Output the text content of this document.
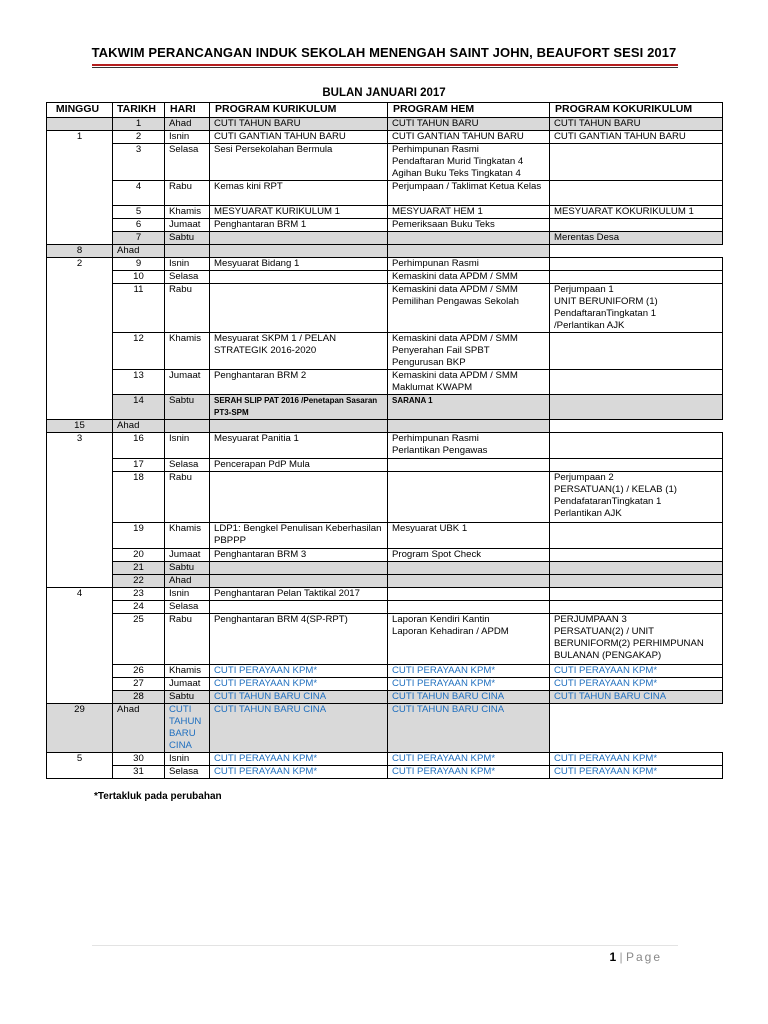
TAKWIM PERANCANGAN INDUK SEKOLAH MENENGAH SAINT JOHN, BEAUFORT SESI 2017
BULAN JANUARI 2017
MINGGU	TARIKH	HARI	PROGRAM KURIKULUM	PROGRAM HEM	PROGRAM KOKURIKULUM
	1	Ahad	CUTI TAHUN BARU	CUTI TAHUN BARU	CUTI TAHUN BARU
1	2	Isnin	CUTI GANTIAN TAHUN BARU	CUTI GANTIAN TAHUN BARU	CUTI GANTIAN TAHUN BARU
	3	Selasa	Sesi Persekolahan Bermula	Perhimpunan Rasmi
Pendaftaran Murid Tingkatan 4
Agihan Buku Teks Tingkatan 4	
	4	Rabu	Kemas kini RPT	Perjumpaan / Taklimat Ketua Kelas	
	5	Khamis	MESYUARAT KURIKULUM 1	MESYUARAT HEM 1	MESYUARAT KOKURIKULUM 1
	6	Jumaat	Penghantaran BRM 1	Pemeriksaan Buku Teks	
	7	Sabtu			Merentas Desa
8	Ahad				
2	9	Isnin	Mesyuarat Bidang 1	Perhimpunan Rasmi	
	10	Selasa		Kemaskini data APDM / SMM	
	11	Rabu		Kemaskini data APDM / SMM
Pemilihan Pengawas Sekolah	Perjumpaan 1
UNIT BERUNIFORM (1)
PendaftaranTingkatan 1
/Perlantikan AJK
	12	Khamis	Mesyuarat SKPM 1 / PELAN STRATEGIK 2016-2020	Kemaskini data APDM / SMM
Penyerahan Fail SPBT
Pengurusan BKP	
	13	Jumaat	Penghantaran BRM 2	Kemaskini data APDM / SMM
Maklumat KWAPM	
	14	Sabtu	SERAH SLIP PAT 2016 /Penetapan Sasaran PT3-SPM	SARANA 1	
15	Ahad				
3	16	Isnin	Mesyuarat Panitia 1	Perhimpunan Rasmi
Perlantikan Pengawas	
	17	Selasa	Pencerapan PdP Mula		
	18	Rabu			Perjumpaan 2
PERSATUAN(1) / KELAB (1)
PendafataranTingkatan 1
Perlantikan AJK
	19	Khamis	LDP1: Bengkel Penulisan Keberhasilan PBPPP	Mesyuarat UBK 1	
	20	Jumaat	Penghantaran BRM 3	Program Spot Check	
	21	Sabtu			
	22	Ahad			
4	23	Isnin	Penghantaran Pelan Taktikal 2017		
	24	Selasa			
	25	Rabu	Penghantaran BRM 4(SP-RPT)	Laporan Kendiri Kantin
Laporan Kehadiran / APDM	PERJUMPAAN 3
PERSATUAN(2) / UNIT BERUNIFORM(2) PERHIMPUNAN BULANAN (PENGAKAP)
	26	Khamis	CUTI PERAYAAN KPM*	CUTI PERAYAAN KPM*	CUTI PERAYAAN KPM*
	27	Jumaat	CUTI PERAYAAN KPM*	CUTI PERAYAAN KPM*	CUTI PERAYAAN KPM*
	28	Sabtu	CUTI TAHUN BARU CINA	CUTI TAHUN BARU CINA	CUTI TAHUN BARU CINA
29	Ahad	CUTI TAHUN BARU CINA	CUTI TAHUN BARU CINA	CUTI TAHUN BARU CINA	
5	30	Isnin	CUTI PERAYAAN KPM*	CUTI PERAYAAN KPM*	CUTI PERAYAAN KPM*
	31	Selasa	CUTI PERAYAAN KPM*	CUTI PERAYAAN KPM*	CUTI PERAYAAN KPM*
*Tertakluk pada perubahan
1 | Page
